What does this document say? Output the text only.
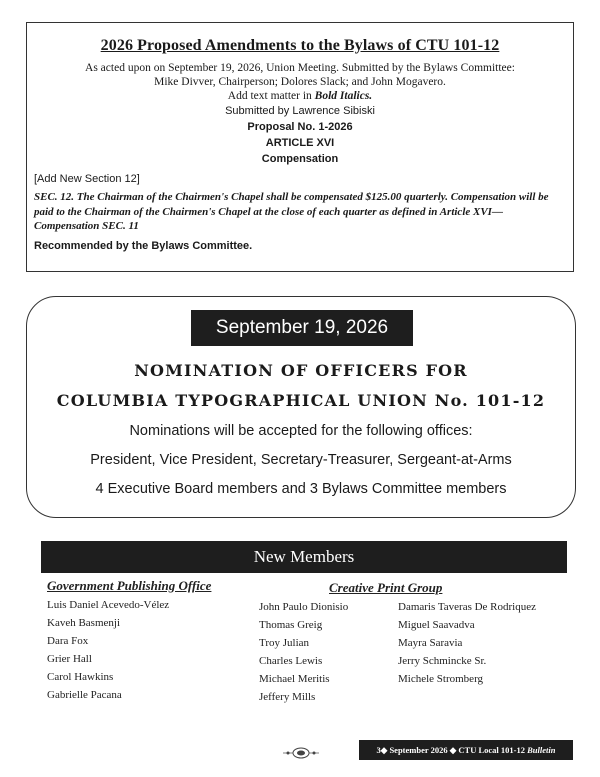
2026 Proposed Amendments to the Bylaws of CTU 101-12
As acted upon on September 19, 2026, Union Meeting. Submitted by the Bylaws Committee:
Mike Divver, Chairperson; Dolores Slack; and John Mogavero.
Add text matter in Bold Italics.
Submitted by Lawrence Sibiski
Proposal No. 1-2026
ARTICLE XVI
Compensation
[Add New Section 12]
SEC. 12. The Chairman of the Chairmen's Chapel shall be compensated $125.00 quarterly. Compensation will be paid to the Chairman of the Chairmen's Chapel at the close of each quarter as defined in Article XVI—Compensation SEC. 11
Recommended by the Bylaws Committee.
September 19, 2026
NOMINATION OF OFFICERS FOR
COLUMBIA TYPOGRAPHICAL UNION No. 101-12
Nominations will be accepted for the following offices:
President, Vice President, Secretary-Treasurer, Sergeant-at-Arms
4 Executive Board members and 3 Bylaws Committee members
New Members
Government Publishing Office	Creative Print Group
Luis Daniel Acevedo-Vélez
Kaveh Basmenji
Dara Fox
Grier Hall
Carol Hawkins
Gabrielle Pacana
John Paulo Dionisio
Thomas Greig
Troy Julian
Charles Lewis
Michael Meritis
Jeffery Mills
Damaris Taveras De Rodriquez
Miguel Saavadva
Mayra Saravia
Jerry Schmincke Sr.
Michele Stromberg
3◆ September 2026 ◆ CTU Local 101-12 Bulletin
